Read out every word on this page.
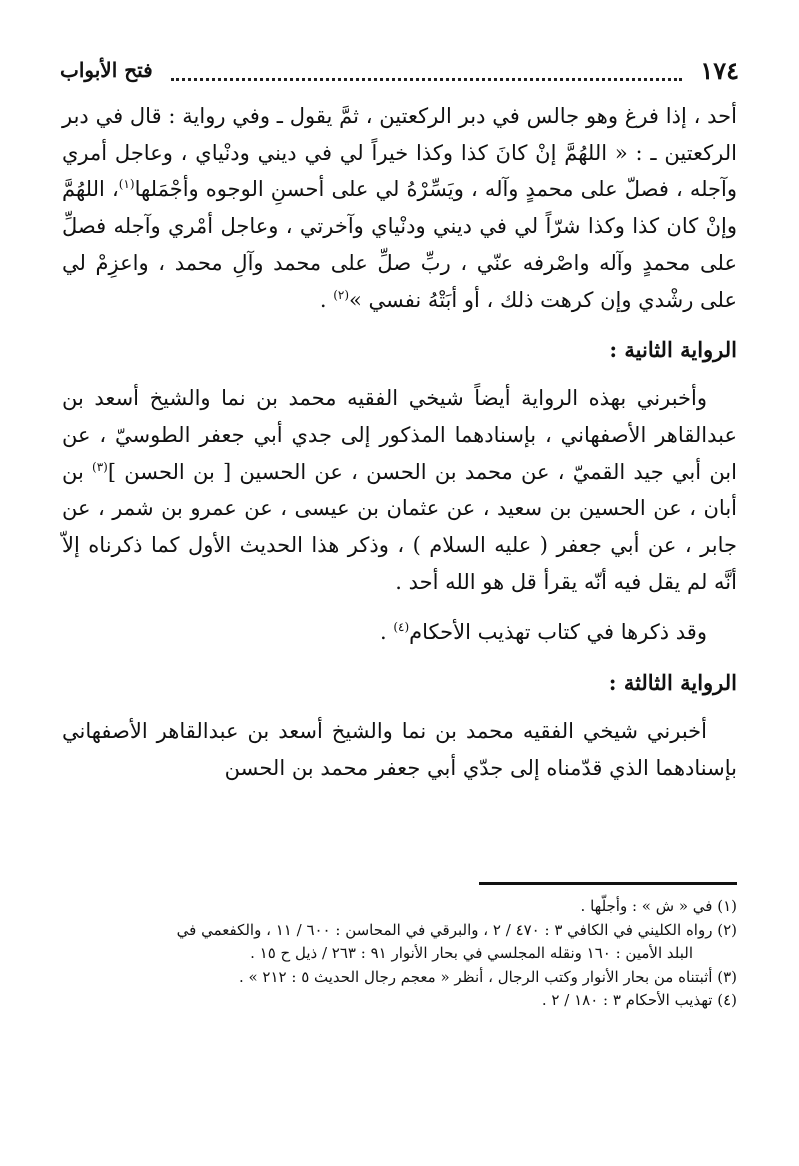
١٧٤
فتح الأبواب

أحد ، إذا فرغ وهو جالس في دبر الركعتين ، ثمَّ يقول ـ وفي رواية : قال في دبر الركعتين ـ : « اللهُمَّ إنْ كانَ كذا وكذا خيراً لي في ديني ودنْياي ، وعاجل أمري وآجله ، فصلّ على محمدٍ وآله ، ويَسِّرْهُ لي على أحسنِ الوجوه وأجْمَلها$^{(١)}$، اللهُمَّ وإنْ كان كذا وكذا شرّاً لي في ديني ودنْياي وآخرتي ، وعاجل أمْري وآجله فصلِّ على محمدٍ وآله واصْرفه عنّي ، ربِّ صلِّ على محمد وآلِ محمد ، واعزِمْ لي على رشْدي وإن كرهت ذلك ، أو أبَتْهُ نفسي »$^{(٢)}$ .

الرواية الثانية :

وأخبرني بهذه الرواية أيضاً شيخي الفقيه محمد بن نما والشيخ أسعد بن عبدالقاهر الأصفهاني ، بإسنادهما المذكور إلى جدي أبي جعفر الطوسيّ ، عن ابن أبي جيد القميّ ، عن محمد بن الحسن ، عن الحسين [ بن الحسن ]$^{(٣)}$ بن أبان ، عن الحسين بن سعيد ، عن عثمان بن عيسى ، عن عمرو بن شمر ، عن جابر ، عن أبي جعفر ( عليه السلام ) ، وذكر هذا الحديث الأول كما ذكرناه إلاّ أنَّه لم يقل فيه أنّه يقرأ قل هو الله أحد .

وقد ذكرها في كتاب تهذيب الأحكام$^{(٤)}$ .

الرواية الثالثة :

أخبرني شيخي الفقيه محمد بن نما والشيخ أسعد بن عبدالقاهر الأصفهاني بإسنادهما الذي قدّمناه إلى جدّي أبي جعفر محمد بن الحسن

(١) في « ش » : وأجلّها .

(٢) رواه الكليني في الكافي ٣ : ٤٧٠ / ٢ ، والبرقي في المحاسن : ٦٠٠ / ١١ ، والكفعمي في

البلد الأمين : ١٦٠ ونقله المجلسي في بحار الأنوار ٩١ : ٢٦٣ / ذيل ح ١٥ .

(٣) أثبتناه من بحار الأنوار وكتب الرجال ، أنظر « معجم رجال الحديث ٥ : ٢١٢ » .

(٤) تهذيب الأحكام ٣ : ١٨٠ / ٢ .
